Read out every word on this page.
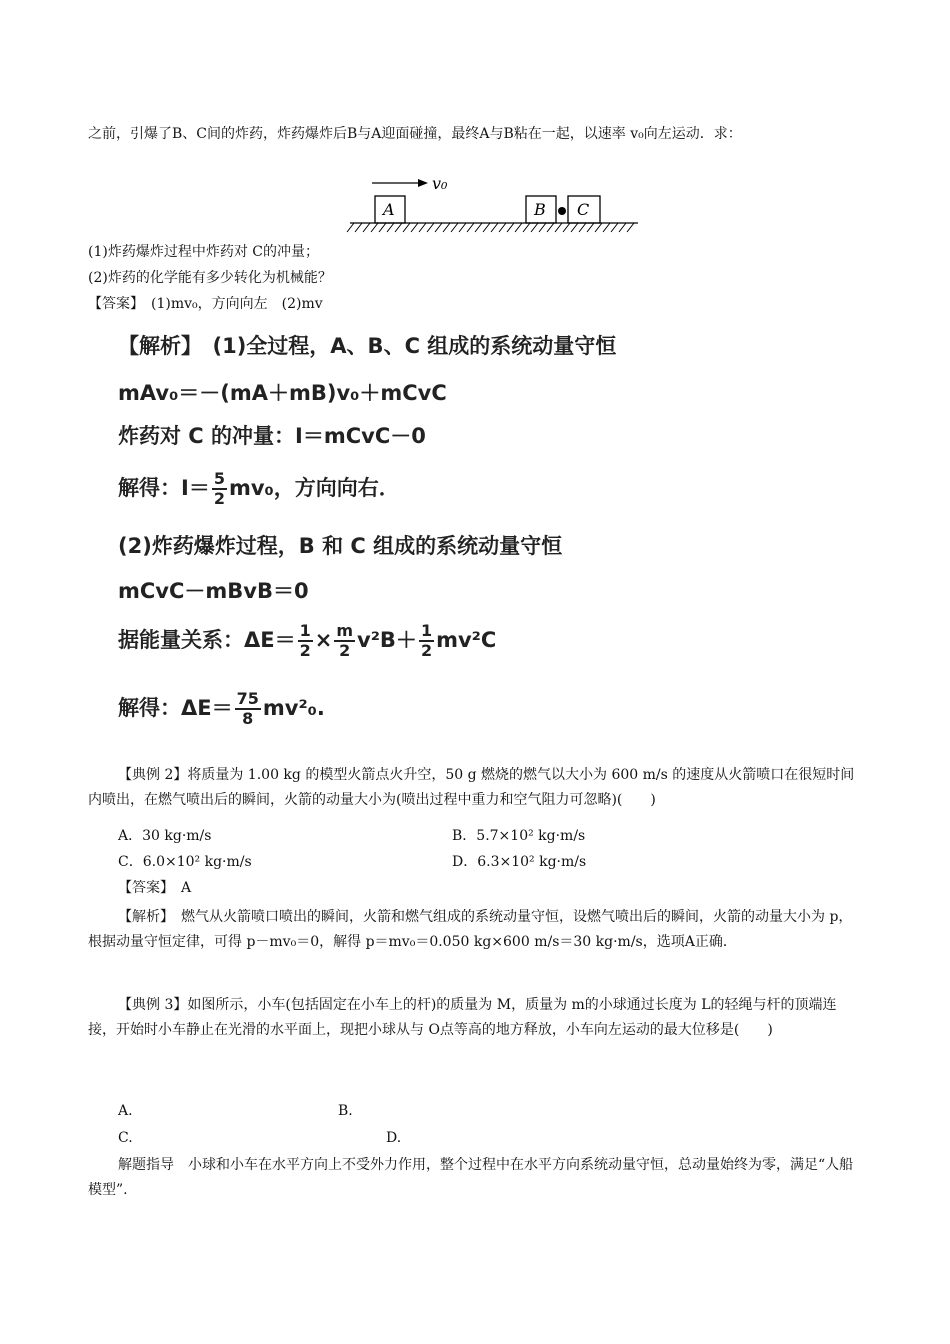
之前，引爆了B、C间的炸药，炸药爆炸后B与A迎面碰撞，最终A与B粘在一起，以速率 v₀向左运动．求：
v₀
A	B C
(1)炸药爆炸过程中炸药对 C的冲量；
(2)炸药的化学能有多少转化为机械能？
【答案】　(1)mv₀，方向向左　(2)mv
【解析】　(1)全过程，A、B、C 组成的系统动量守恒
mAv₀＝－(mA＋mB)v₀＋mCvC
炸药对 C 的冲量：I＝mCvC－0
解得：$I= \frac{5}{2} mv_0$，方向向右．
(2)炸药爆炸过程，B 和 C 组成的系统动量守恒
mCvC－mBvB＝0
据能量关系：$\Delta E= \frac{1}{2} \times \frac{m}{2} v^2B+ \frac{1}{2} mv^2C$
解得：$\Delta E= \frac{75}{8} mv^2_0$.
【典例 2】将质量为 1.00 kg 的模型火箭点火升空，50 g 燃烧的燃气以大小为 600 m/s 的速度从火箭喷口在很短时间内喷出，在燃气喷出后的瞬间，火箭的动量大小为(喷出过程中重力和空气阻力可忽略)(　　)
A．30 kg·m/s	B．5.7×10² kg·m/s
C．6.0×10² kg·m/s	D．6.3×10² kg·m/s
【答案】　A
【解析】　燃气从火箭喷口喷出的瞬间，火箭和燃气组成的系统动量守恒，设燃气喷出后的瞬间，火箭的动量大小为 p，根据动量守恒定律，可得 p－mv₀＝0，解得 p＝mv₀＝0.050 kg×600 m/s＝30 kg·m/s，选项A正确．
【典例 3】如图所示，小车(包括固定在小车上的杆)的质量为 M，质量为 m的小球通过长度为 L的轻绳与杆的顶端连接，开始时小车静止在光滑的水平面上，现把小球从与 O点等高的地方释放，小车向左运动的最大位移是(　　)
A.	B.
C.	D.
解题指导　小球和小车在水平方向上不受外力作用，整个过程中在水平方向系统动量守恒，总动量始终为零，满足“人船模型”.
